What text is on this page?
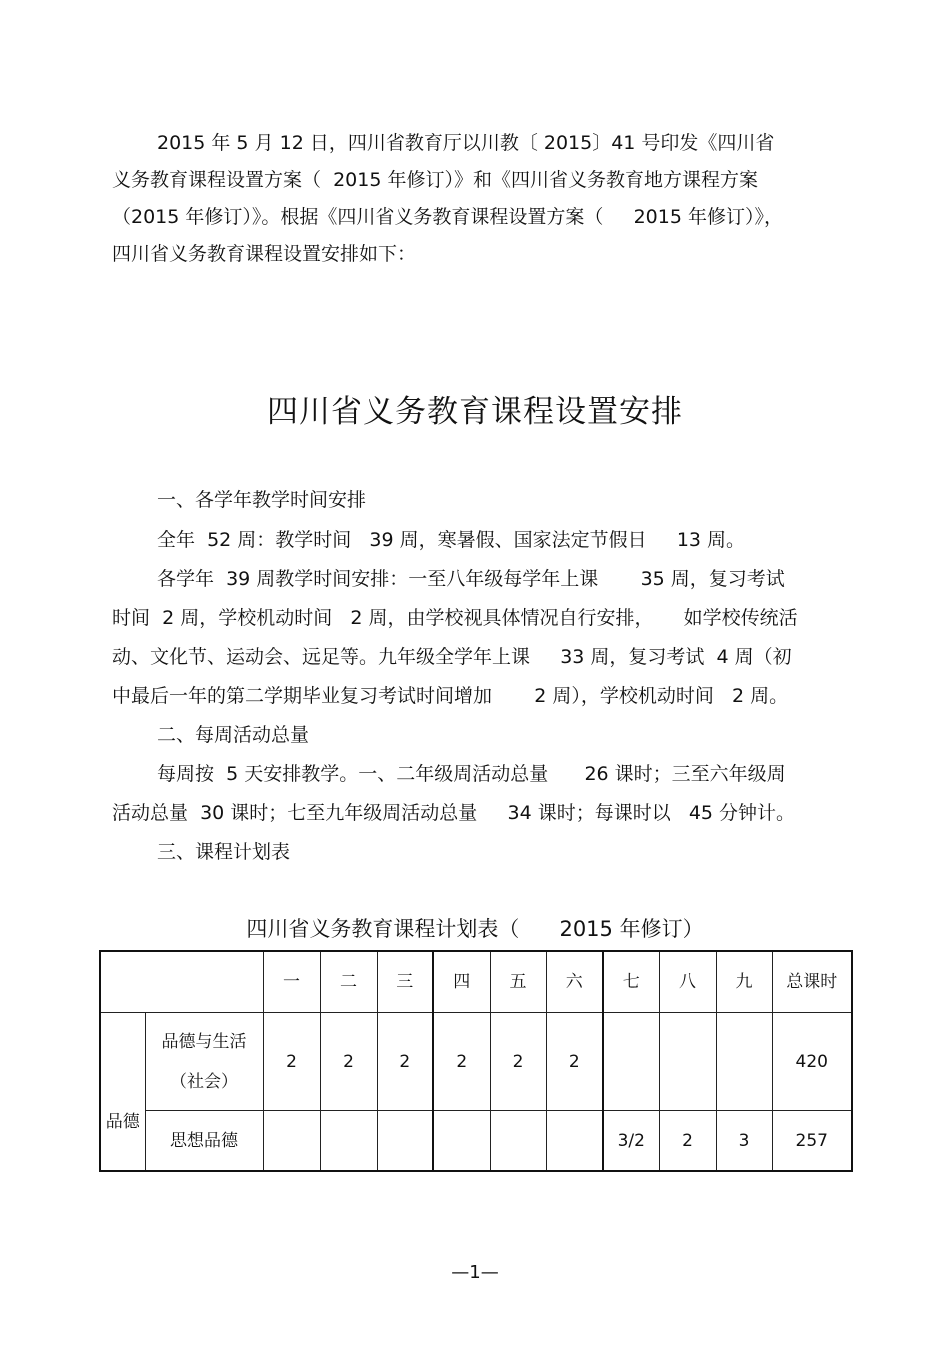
2015 年 5 月 12 日，四川省教育厅以川教〔 2015〕41 号印发《四川省
义务教育课程设置方案（  2015 年修订）》和《四川省义务教育地方课程方案
（2015 年修订）》。根据《四川省义务教育课程设置方案（     2015 年修订）》，
四川省义务教育课程设置安排如下：

四川省义务教育课程设置安排

一、各学年教学时间安排

全年  52 周：教学时间   39 周，寒暑假、国家法定节假日     13 周。

各学年  39 周教学时间安排：一至八年级每学年上课       35 周，复习考试

时间  2 周，学校机动时间   2 周，由学校视具体情况自行安排，     如学校传统活

动、文化节、运动会、远足等。九年级全学年上课     33 周，复习考试  4 周（初

中最后一年的第二学期毕业复习考试时间增加       2 周），学校机动时间   2 周。

二、每周活动总量

每周按  5 天安排教学。一、二年级周活动总量      26 课时；三至六年级周

活动总量  30 课时；七至九年级周活动总量     34 课时；每课时以   45 分钟计。

三、课程计划表

四川省义务教育课程计划表（      2015 年修订）

		一	二	三	四	五	六	七	八	九	总课时
品德	品德与生活
（社会）	2	2	2	2	2	2				420
	思想品德							3/2	2	3	257

—1—
